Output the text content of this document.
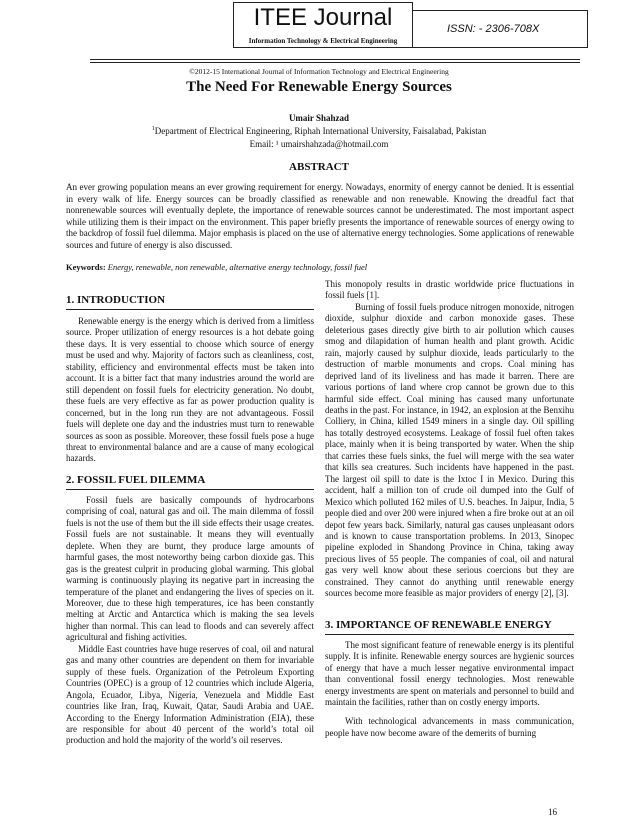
ITEE Journal
Information Technology & Electrical Engineering
ISSN: - 2306-708X
©2012-15 International Journal of Information Technology and Electrical Engineering
The Need For Renewable Energy Sources
Umair Shahzad
$^1$Department of Electrical Engineering, Riphah International University, Faisalabad, Pakistan
Email: ¹ umairshahzada@hotmail.com
ABSTRACT
An ever growing population means an ever growing requirement for energy. Nowadays, enormity of energy cannot be denied. It is essential in every walk of life. Energy sources can be broadly classified as renewable and non renewable. Knowing the dreadful fact that nonrenewable sources will eventually deplete, the importance of renewable sources cannot be underestimated. The most important aspect while utilizing them is their impact on the environment. This paper briefly presents the importance of renewable sources of energy owing to the backdrop of fossil fuel dilemma. Major emphasis is placed on the use of alternative energy technologies. Some applications of renewable sources and future of energy is also discussed.
Keywords: Energy, renewable, non renewable, alternative energy technology, fossil fuel
1. INTRODUCTION

Renewable energy is the energy which is derived from a limitless source. Proper utilization of energy resources is a hot debate going these days. It is very essential to choose which source of energy must be used and why. Majority of factors such as cleanliness, cost, stability, efficiency and environmental effects must be taken into account. It is a bitter fact that many industries around the world are still dependent on fossil fuels for electricity generation. No doubt, these fuels are very effective as far as power production quality is concerned, but in the long run they are not advantageous. Fossil fuels will deplete one day and the industries must turn to renewable sources as soon as possible. Moreover, these fossil fuels pose a huge threat to environmental balance and are a cause of many ecological hazards.

2. FOSSIL FUEL DILEMMA

Fossil fuels are basically compounds of hydrocarbons comprising of coal, natural gas and oil. The main dilemma of fossil fuels is not the use of them but the ill side effects their usage creates. Fossil fuels are not sustainable. It means they will eventually deplete. When they are burnt, they produce large amounts of harmful gases, the most noteworthy being carbon dioxide gas. This gas is the greatest culprit in producing global warming. This global warming is continuously playing its negative part in increasing the temperature of the planet and endangering the lives of species on it. Moreover, due to these high temperatures, ice has been constantly melting at Arctic and Antarctica which is making the sea levels higher than normal. This can lead to floods and can severely affect agricultural and fishing activities.

Middle East countries have huge reserves of coal, oil and natural gas and many other countries are dependent on them for invariable supply of these fuels. Organization of the Petroleum Exporting Countries (OPEC) is a group of 12 countries which include Algeria, Angola, Ecuador, Libya, Nigeria, Venezuela and Middle East countries like Iran, Iraq, Kuwait, Qatar, Saudi Arabia and UAE. According to the Energy Information Administration (EIA), these are responsible for about 40 percent of the world’s total oil production and hold the majority of the world’s oil reserves.

This monopoly results in drastic worldwide price fluctuations in fossil fuels [1].

Burning of fossil fuels produce nitrogen monoxide, nitrogen dioxide, sulphur dioxide and carbon monoxide gases. These deleterious gases directly give birth to air pollution which causes smog and dilapidation of human health and plant growth. Acidic rain, majorly caused by sulphur dioxide, leads particularly to the destruction of marble monuments and crops. Coal mining has deprived land of its liveliness and has made it barren. There are various portions of land where crop cannot be grown due to this harmful side effect. Coal mining has caused many unfortunate deaths in the past. For instance, in 1942, an explosion at the Benxihu Colliery, in China, killed 1549 miners in a single day. Oil spilling has totally destroyed ecosystems. Leakage of fossil fuel often takes place, mainly when it is being transported by water. When the ship that carries these fuels sinks, the fuel will merge with the sea water that kills sea creatures. Such incidents have happened in the past. The largest oil spill to date is the Ixtoc I in Mexico. During this accident, half a million ton of crude oil dumped into the Gulf of Mexico which polluted 162 miles of U.S. beaches. In Jaipur, India, 5 people died and over 200 were injured when a fire broke out at an oil depot few years back. Similarly, natural gas causes unpleasant odors and is known to cause transportation problems. In 2013, Sinopec pipeline exploded in Shandong Province in China, taking away precious lives of 55 people. The companies of coal, oil and natural gas very well know about these serious coercions but they are constrained. They cannot do anything until renewable energy sources become more feasible as major providers of energy [2], [3].

3. IMPORTANCE OF RENEWABLE ENERGY

The most significant feature of renewable energy is its plentiful supply. It is infinite. Renewable energy sources are hygienic sources of energy that have a much lesser negative environmental impact than conventional fossil energy technologies. Most renewable energy investments are spent on materials and personnel to build and maintain the facilities, rather than on costly energy imports.

With technological advancements in mass communication, people have now become aware of the demerits of burning

16
